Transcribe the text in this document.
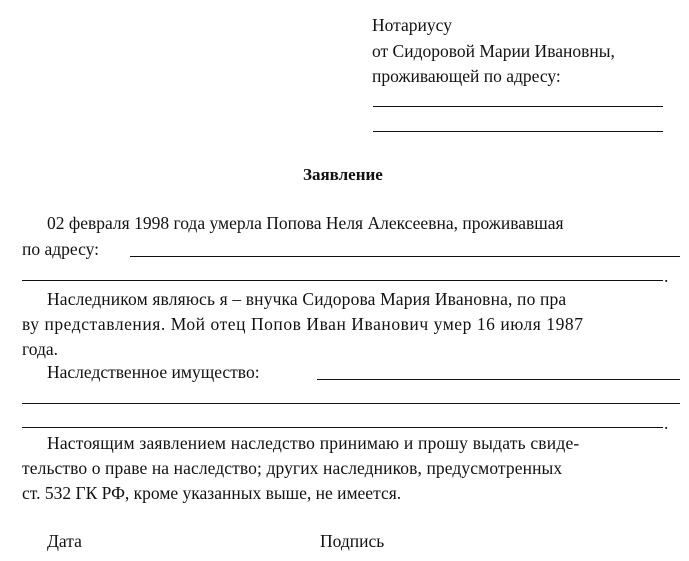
Нотариусу
от Сидоровой Марии Ивановны,
проживающей по адресу:
Заявление
02 февраля 1998 года умерла Попова Неля Алексеевна, проживавшая
по адресу:
.
Наследником являюсь я – внучка Сидорова Мария Ивановна, по пра
ву представления. Мой отец Попов Иван Иванович умер 16 июля 1987
года.
Наследственное имущество:
.
Настоящим заявлением наследство принимаю и прошу выдать свиде-
тельство о праве на наследство; других наследников, предусмотренных
ст. 532 ГК РФ, кроме указанных выше, не имеется.
Дата	Подпись
